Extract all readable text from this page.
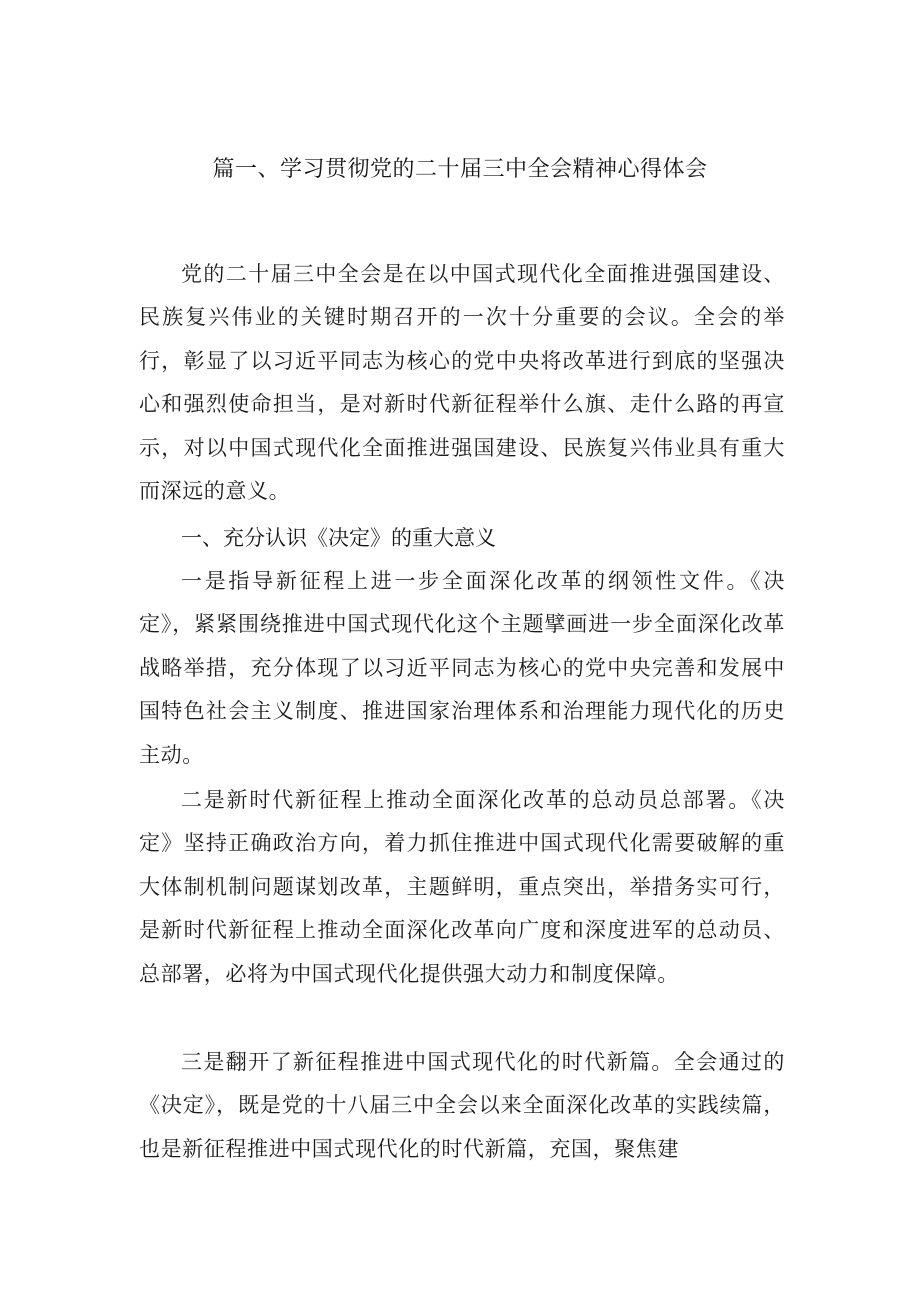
篇一、学习贯彻党的二十届三中全会精神心得体会

党的二十届三中全会是在以中国式现代化全面推进强国建设、民族复兴伟业的关键时期召开的一次十分重要的会议。全会的举行，彰显了以习近平同志为核心的党中央将改革进行到底的坚强决心和强烈使命担当，是对新时代新征程举什么旗、走什么路的再宣示，对以中国式现代化全面推进强国建设、民族复兴伟业具有重大而深远的意义。

一、充分认识《决定》的重大意义

一是指导新征程上进一步全面深化改革的纲领性文件。《决定》，紧紧围绕推进中国式现代化这个主题擘画进一步全面深化改革战略举措，充分体现了以习近平同志为核心的党中央完善和发展中国特色社会主义制度、推进国家治理体系和治理能力现代化的历史主动。

二是新时代新征程上推动全面深化改革的总动员总部署。《决定》坚持正确政治方向，着力抓住推进中国式现代化需要破解的重大体制机制问题谋划改革，主题鲜明，重点突出，举措务实可行，是新时代新征程上推动全面深化改革向广度和深度进军的总动员、总部署，必将为中国式现代化提供强大动力和制度保障。

三是翻开了新征程推进中国式现代化的时代新篇。全会通过的《决定》，既是党的十八届三中全会以来全面深化改革的实践续篇，也是新征程推进中国式现代化的时代新篇，充国，聚焦建
